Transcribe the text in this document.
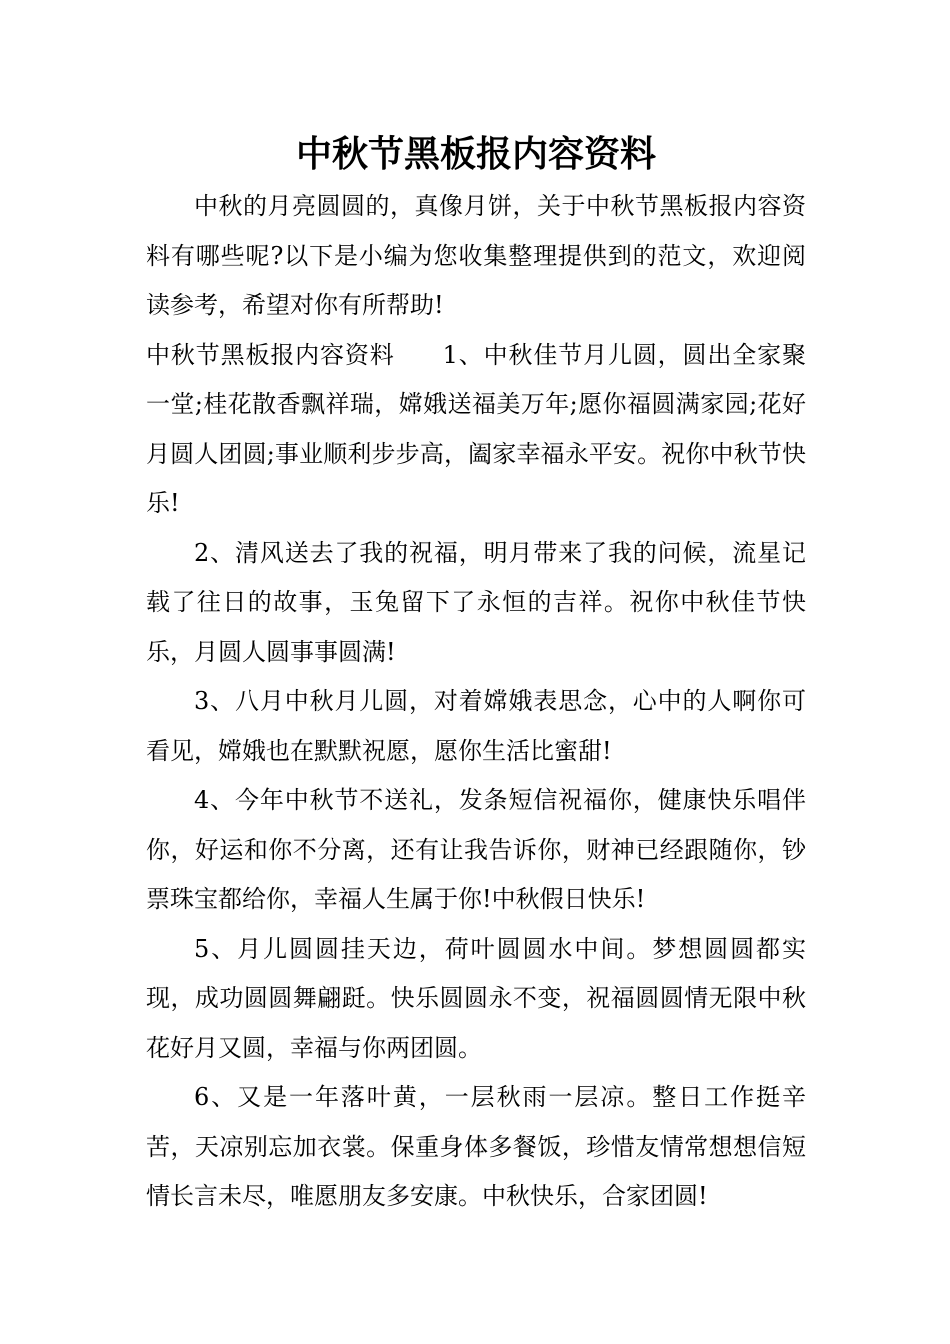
中秋节黑板报内容资料

中秋的月亮圆圆的，真像月饼，关于中秋节黑板报内容资料有哪些呢?以下是小编为您收集整理提供到的范文，欢迎阅读参考，希望对你有所帮助!

中秋节黑板报内容资料 1、中秋佳节月儿圆，圆出全家聚一堂;桂花散香飘祥瑞，嫦娥送福美万年;愿你福圆满家园;花好月圆人团圆;事业顺利步步高，阖家幸福永平安。祝你中秋节快乐!

2、清风送去了我的祝福，明月带来了我的问候，流星记载了往日的故事，玉兔留下了永恒的吉祥。祝你中秋佳节快乐，月圆人圆事事圆满!

3、八月中秋月儿圆，对着嫦娥表思念，心中的人啊你可看见，嫦娥也在默默祝愿，愿你生活比蜜甜!

4、今年中秋节不送礼，发条短信祝福你，健康快乐唱伴你，好运和你不分离，还有让我告诉你，财神已经跟随你，钞票珠宝都给你，幸福人生属于你!中秋假日快乐!

5、月儿圆圆挂天边，荷叶圆圆水中间。梦想圆圆都实现，成功圆圆舞翩跹。快乐圆圆永不变，祝福圆圆情无限中秋花好月又圆，幸福与你两团圆。

6、又是一年落叶黄，一层秋雨一层凉。整日工作挺辛苦，天凉别忘加衣裳。保重身体多餐饭，珍惜友情常想想信短情长言未尽，唯愿朋友多安康。中秋快乐，合家团圆!
